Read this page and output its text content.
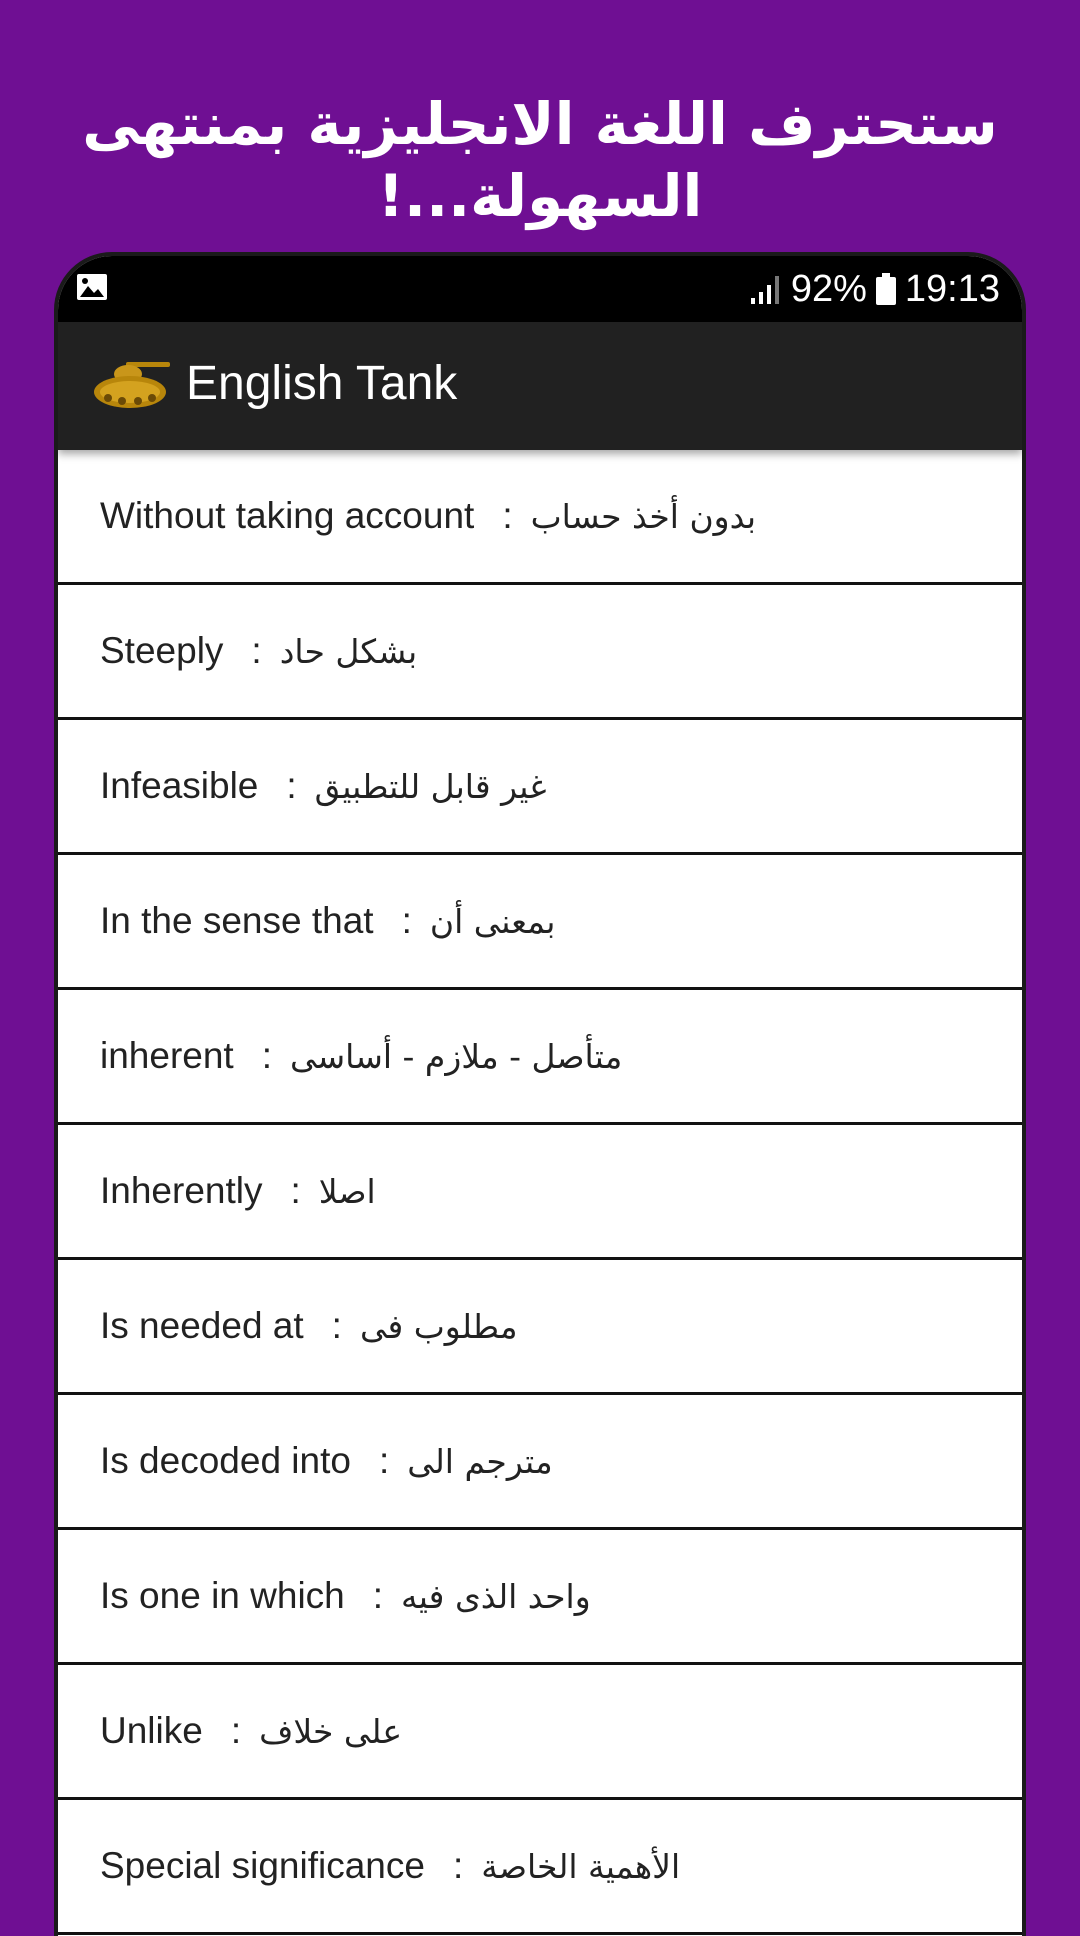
ستحترف اللغة الانجليزية بمنتهى السهولة...!
92% 19:13
English Tank
Without taking account : بدون أخذ حساب
Steeply : بشكل حاد
Infeasible : غير قابل للتطبيق
In the sense that : بمعنى أن
inherent : متأصل - ملازم - أساسى
Inherently : اصلا
Is needed at : مطلوب فى
Is decoded into : مترجم الى
Is one in which : واحد الذى فيه
Unlike : على خلاف
Special significance : الأهمية الخاصة
